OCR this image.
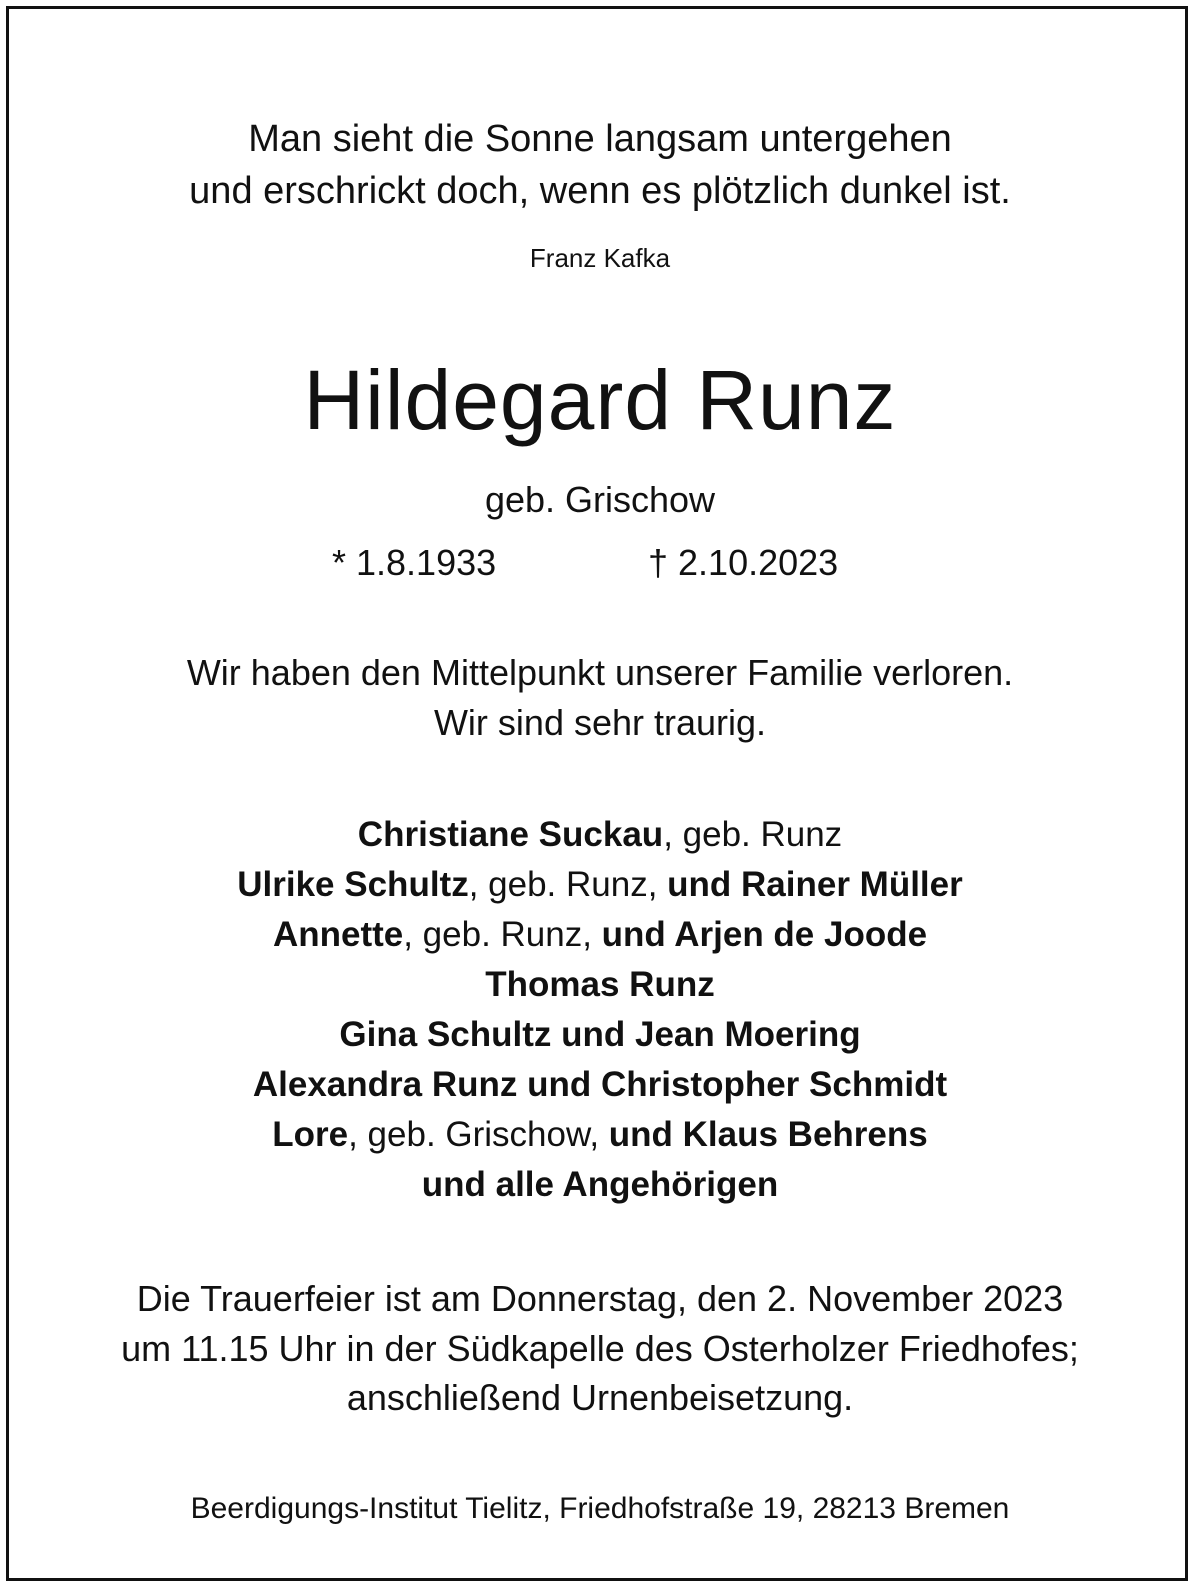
Man sieht die Sonne langsam untergehen
und erschrickt doch, wenn es plötzlich dunkel ist.
Franz Kafka
Hildegard Runz
geb. Grischow
* 1.8.1933	† 2.10.2023
Wir haben den Mittelpunkt unserer Familie verloren.
Wir sind sehr traurig.
Christiane Suckau, geb. Runz
Ulrike Schultz, geb. Runz, und Rainer Müller
Annette, geb. Runz, und Arjen de Joode
Thomas Runz
Gina Schultz und Jean Moering
Alexandra Runz und Christopher Schmidt
Lore, geb. Grischow, und Klaus Behrens
und alle Angehörigen
Die Trauerfeier ist am Donnerstag, den 2. November 2023
um 11.15 Uhr in der Südkapelle des Osterholzer Friedhofes;
anschließend Urnenbeisetzung.
Beerdigungs-Institut Tielitz, Friedhofstraße 19, 28213 Bremen
